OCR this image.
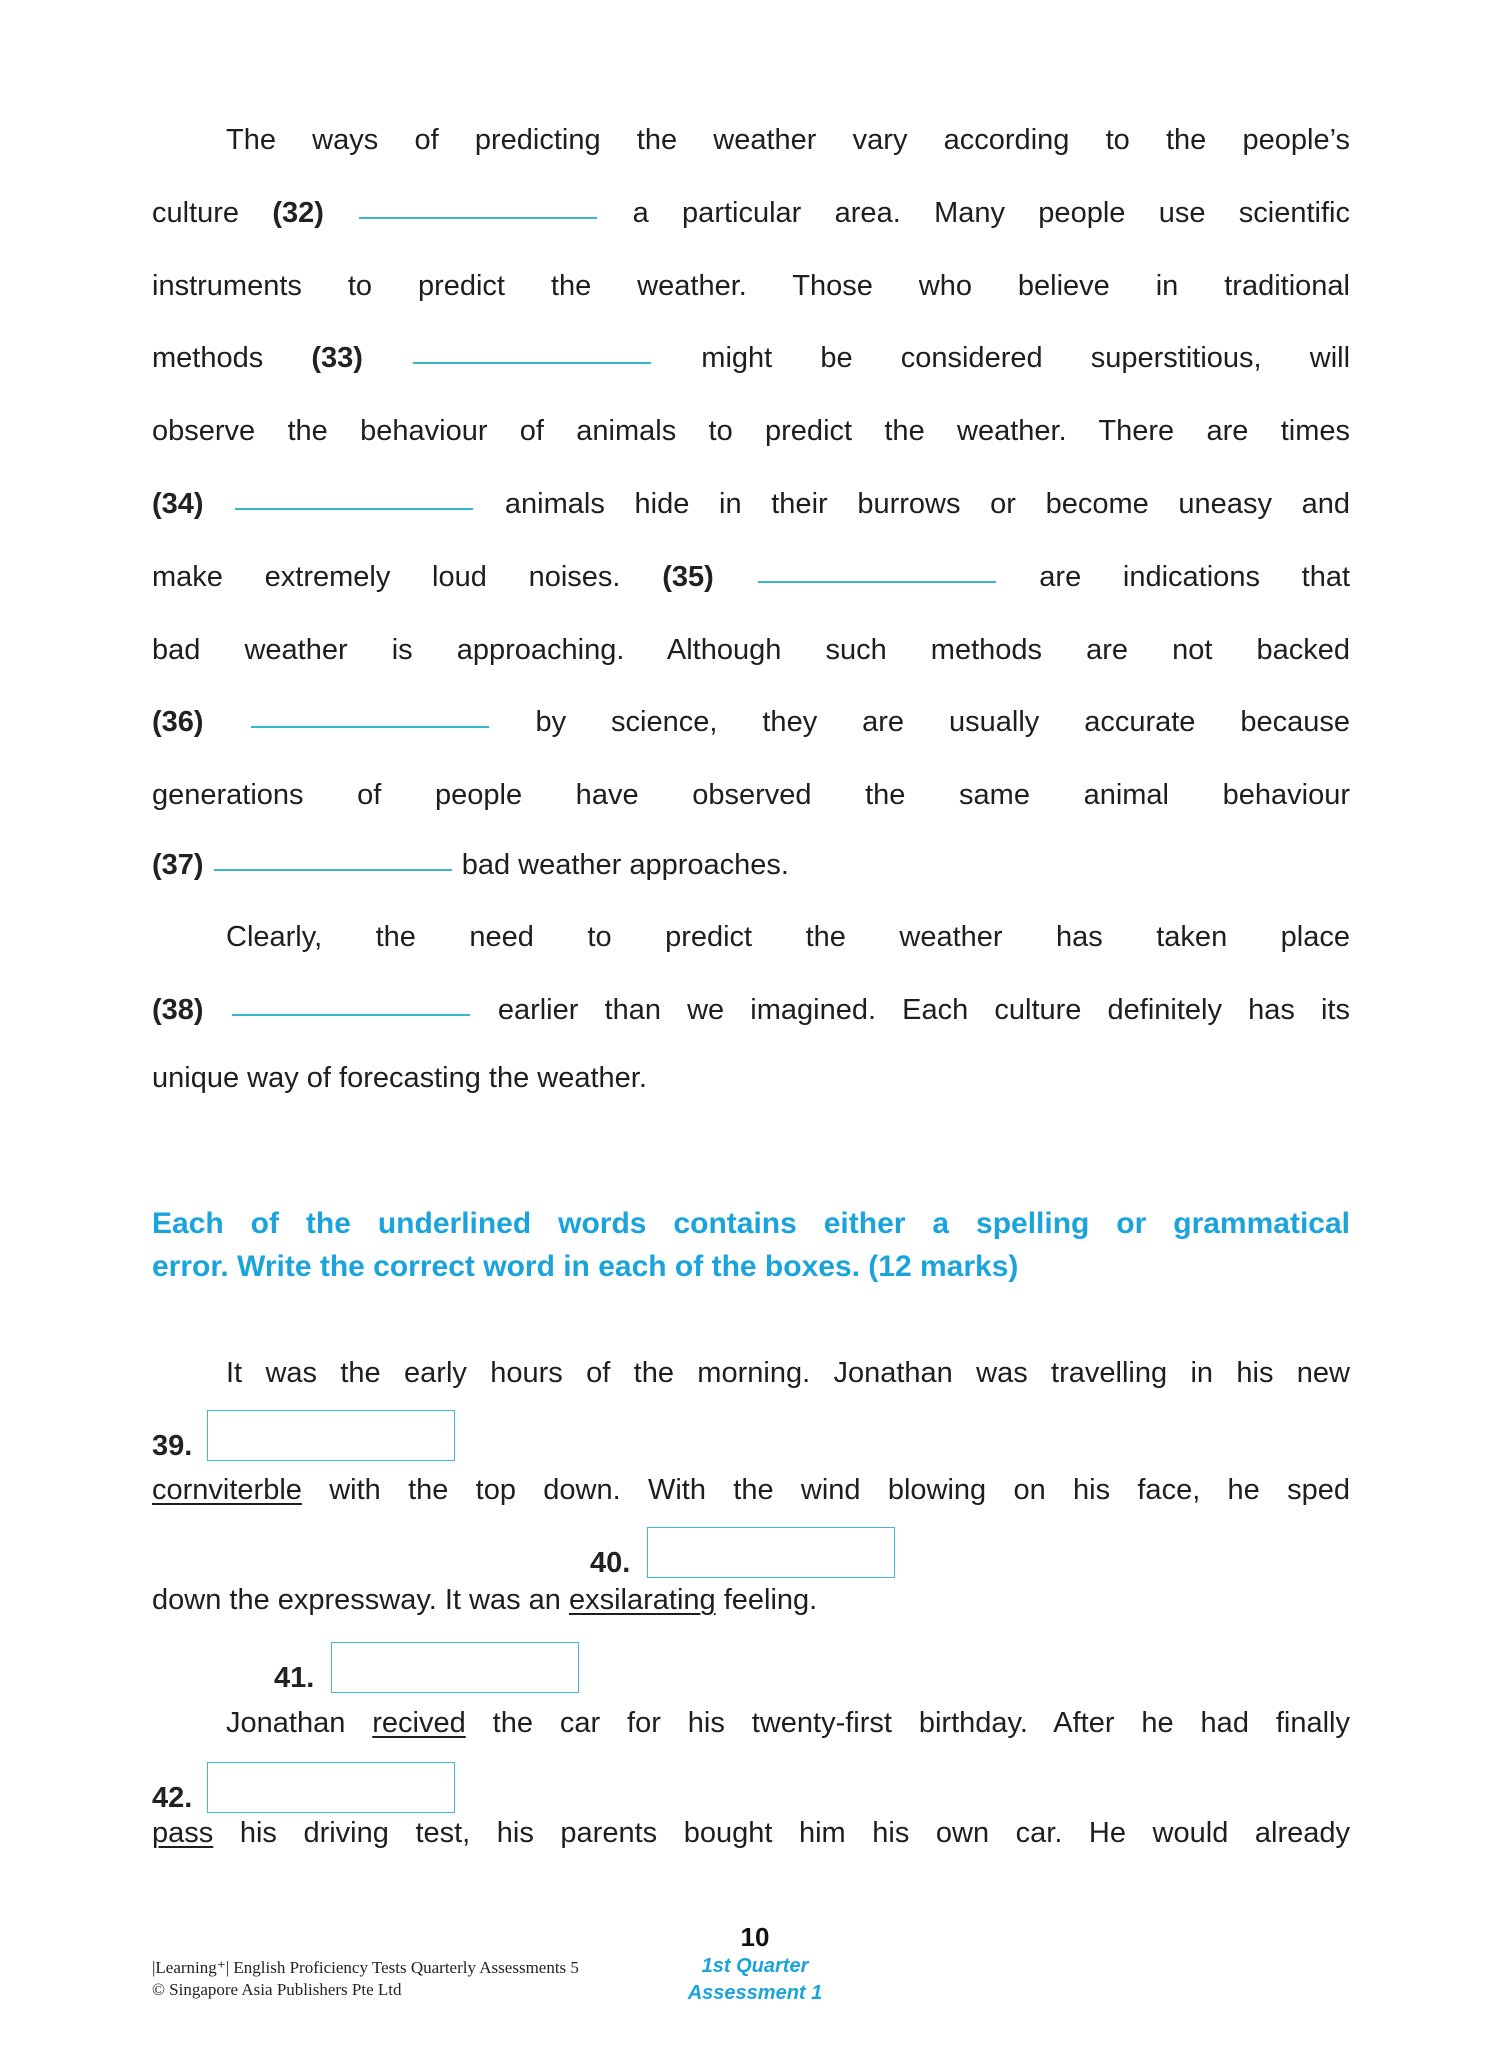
The ways of predicting the weather vary according to the people’s
culture (32)	a particular area. Many people use scientific
instruments to predict the weather. Those who believe in traditional
methods (33)	might be considered superstitious, will
observe the behaviour of animals to predict the weather. There are times
(34)	animals hide in their burrows or become uneasy and
make extremely loud noises. (35)	are indications that
bad weather is approaching. Although such methods are not backed
(36)	by science, they are usually accurate because
generations of people have observed the same animal behaviour
(37)	bad weather approaches.
Clearly, the need to predict the weather has taken place
(38)	earlier than we imagined. Each culture definitely has its
unique way of forecasting the weather.
Each of the underlined words contains either a spelling or grammatical
error. Write the correct word in each of the boxes. (12 marks)
It was the early hours of the morning. Jonathan was travelling in his new
39.
cornviterble with the top down. With the wind blowing on his face, he sped
40.
down the expressway. It was an exsilarating feeling.
41.
Jonathan recived the car for his twenty-first birthday. After he had finally
42.
pass his driving test, his parents bought him his own car. He would already
|Learning⁺| English Proficiency Tests Quarterly Assessments 5
© Singapore Asia Publishers Pte Ltd
10
1st Quarter
Assessment 1
